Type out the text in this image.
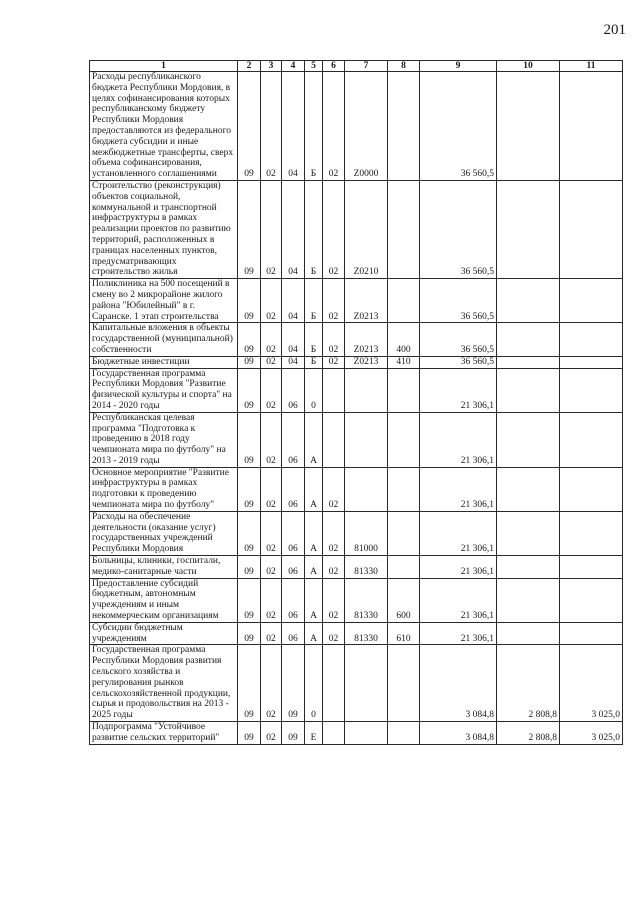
201
1	2	3	4	5	6	7	8	9	10	11
Расходы республиканского бюджета Республики Мордовия, в целях софинансирования которых республиканскому бюджету Республики Мордовия предоставляются из федерального бюджета субсидии и иные межбюджетные трансферты, сверх объема софинансирования, установленного соглашениями	09	02	04	Б	02	Z0000		36 560,5		
Строительство (реконструкция) объектов социальной, коммунальной и транспортной инфраструктуры в рамках реализации проектов по развитию территорий, расположенных в границах населенных пунктов, предусматривающих строительство жилья	09	02	04	Б	02	Z0210		36 560,5		
Поликлиника на 500 посещений в смену во 2 микрорайоне жилого района "Юбилейный" в г. Саранске. 1 этап строительства	09	02	04	Б	02	Z0213		36 560,5		
Капитальные вложения в объекты государственной (муниципальной) собственности	09	02	04	Б	02	Z0213	400	36 560,5		
Бюджетные инвестиции	09	02	04	Б	02	Z0213	410	36 560,5		
Государственная программа Республики Мордовия "Развитие физической культуры и спорта" на 2014 - 2020 годы	09	02	06	0				21 306,1		
Республиканская целевая программа "Подготовка к проведению в 2018 году чемпионата мира по футболу" на 2013 - 2019 годы	09	02	06	А				21 306,1		
Основное мероприятие "Развитие инфраструктуры в рамках подготовки к проведению чемпионата мира по футболу"	09	02	06	А	02			21 306,1		
Расходы на обеспечение деятельности (оказание услуг) государственных учреждений Республики Мордовия	09	02	06	А	02	81000		21 306,1		
Больницы, клиники, госпитали, медико-санитарные части	09	02	06	А	02	81330		21 306,1		
Предоставление субсидий бюджетным, автономным учреждениям и иным некоммерческим организациям	09	02	06	А	02	81330	600	21 306,1		
Субсидии бюджетным учреждениям	09	02	06	А	02	81330	610	21 306,1		
Государственная программа Республики Мордовия развития сельского хозяйства и регулирования рынков сельскохозяйственной продукции, сырья и продовольствия на 2013 - 2025 годы	09	02	09	0				3 084,8	2 808,8	3 025,0
Подпрограмма "Устойчивое развитие сельских территорий"	09	02	09	Е				3 084,8	2 808,8	3 025,0
